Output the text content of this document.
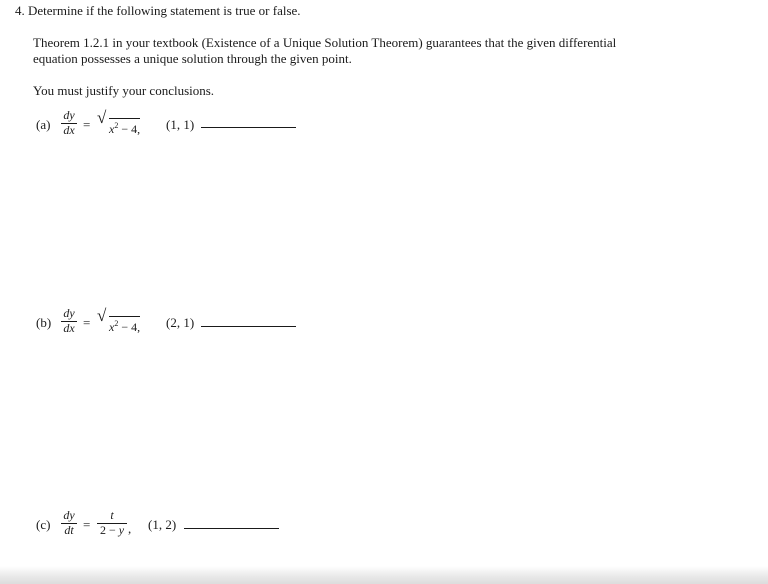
4. Determine if the following statement is true or false.
Theorem 1.2.1 in your textbook (Existence of a Unique Solution Theorem) guarantees that the given differential
equation possesses a unique solution through the given point.
You must justify your conclusions.
(a)
dy
dx = √
$x^2 - 4$, (1, 1)
(b)
dy
dx = √
$x^2 - 4$, (2, 1)
(c)
dy
dt =
t
2 − y , (1, 2)
